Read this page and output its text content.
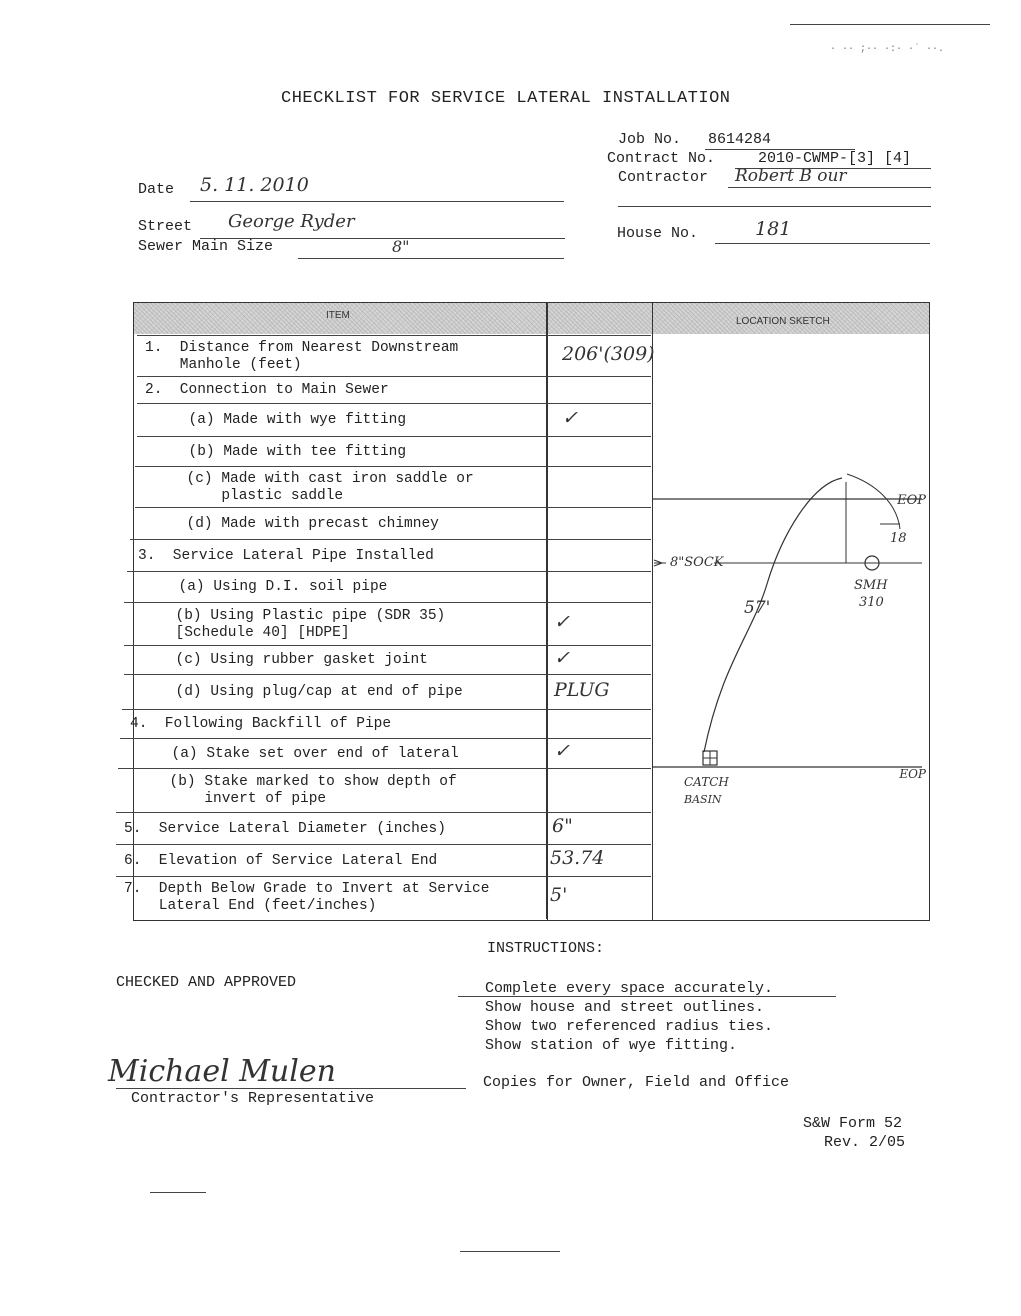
CHECKLIST FOR SERVICE LATERAL INSTALLATION
· ·· ;·· ·:· ·˙ ··.
Job No. 8614284
Contract No.	2010-CWMP-[3] [4]
Contractor Robert B our
House No.	181
Date 5. 11. 2010
Street George Ryder
Sewer Main Size	8"
ITEM
LOCATION SKETCH
1.  Distance from Nearest Downstream
Manhole (feet)	206'(309)
2.  Connection to Main Sewer
(a) Made with wye fitting	✓
(b) Made with tee fitting
(c) Made with cast iron saddle or
plastic saddle
(d) Made with precast chimney
3.  Service Lateral Pipe Installed
(a) Using D.I. soil pipe
(b) Using Plastic pipe (SDR 35)
[Schedule 40] [HDPE]	✓
(c) Using rubber gasket joint	✓
(d) Using plug/cap at end of pipe	PLUG
4.  Following Backfill of Pipe
(a) Stake set over end of lateral	✓
(b) Stake marked to show depth of
invert of pipe
5.  Service Lateral Diameter (inches)	6"
6.  Elevation of Service Lateral End	53.74
7.  Depth Below Grade to Invert at Service
Lateral End (feet/inches)	5'
EOP
EOP
8"SOCK
18
57'
SMH
310
CATCH
BASIN
INSTRUCTIONS:
Complete every space accurately.
Show house and street outlines.
Show two referenced radius ties.
Show station of wye fitting.
Copies for Owner, Field and Office
CHECKED AND APPROVED
Michael Mulen
Contractor's Representative
S&W Form 52
Rev. 2/05
